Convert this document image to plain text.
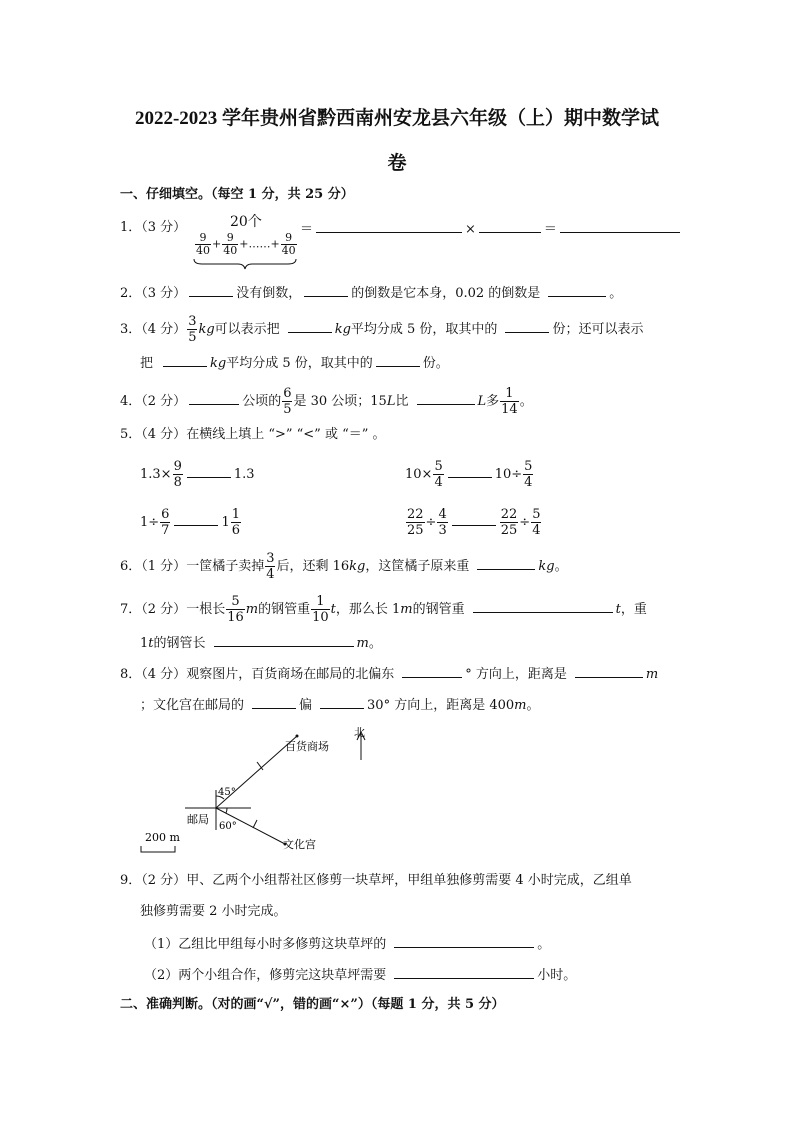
2022-2023 学年贵州省黔西南州安龙县六年级（上）期中数学试
卷
一、仔细填空。（每空 1 分，共 25 分）
1．（3 分）	20个
$\frac{9}{40} + \frac{9}{40}$ +……+ $\frac{9}{40}$
＝	×	＝
2．（3 分）	没有倒数，	的倒数是它本身，0.02 的倒数是	。
3．（4 分） $\frac{3}{5}$ kg可以表示把	kg平均分成 5 份，取其中的	份；还可以表示
把	kg平均分成 5 份，取其中的	份。
4．（2 分）	公顷的 $\frac{6}{5}$ 是 30 公顷；15L比	L多 $\frac{1}{14}$ 。
5．（4 分）在横线上填上 “>” “<” 或 “＝” 。
$1.3\times \frac{9}{8}$	1.3	$10\times \frac{5}{4}$	$10\div \frac{5}{4}$
$1\div \frac{6}{7}$	$1 \frac{1}{6}$	$\frac{22}{25} \div \frac{4}{3}$	$\frac{22}{25} \div \frac{5}{4}$
6．（1 分）一筐橘子卖掉 $\frac{3}{4}$ 后，还剩 16kg，这筐橘子原来重	kg。
7．（2 分）一根长 $\frac{5}{16}$ m的钢管重 $\frac{1}{10}$ t，那么长 1m的钢管重	t，重
1t的钢管长	m。
8．（4 分）观察图片，百货商场在邮局的北偏东	° 方向上，距离是	m
；文化宫在邮局的	偏	30° 方向上，距离是 400m。
北
百货商场
邮局
文化宫
45°
60°
200 m
9．（2 分）甲、乙两个小组帮社区修剪一块草坪，甲组单独修剪需要 4 小时完成，乙组单
独修剪需要 2 小时完成。
（1）乙组比甲组每小时多修剪这块草坪的	。
（2）两个小组合作，修剪完这块草坪需要	小时。
二、准确判断。（对的画“√”，错的画“×”）（每题 1 分，共 5 分）
